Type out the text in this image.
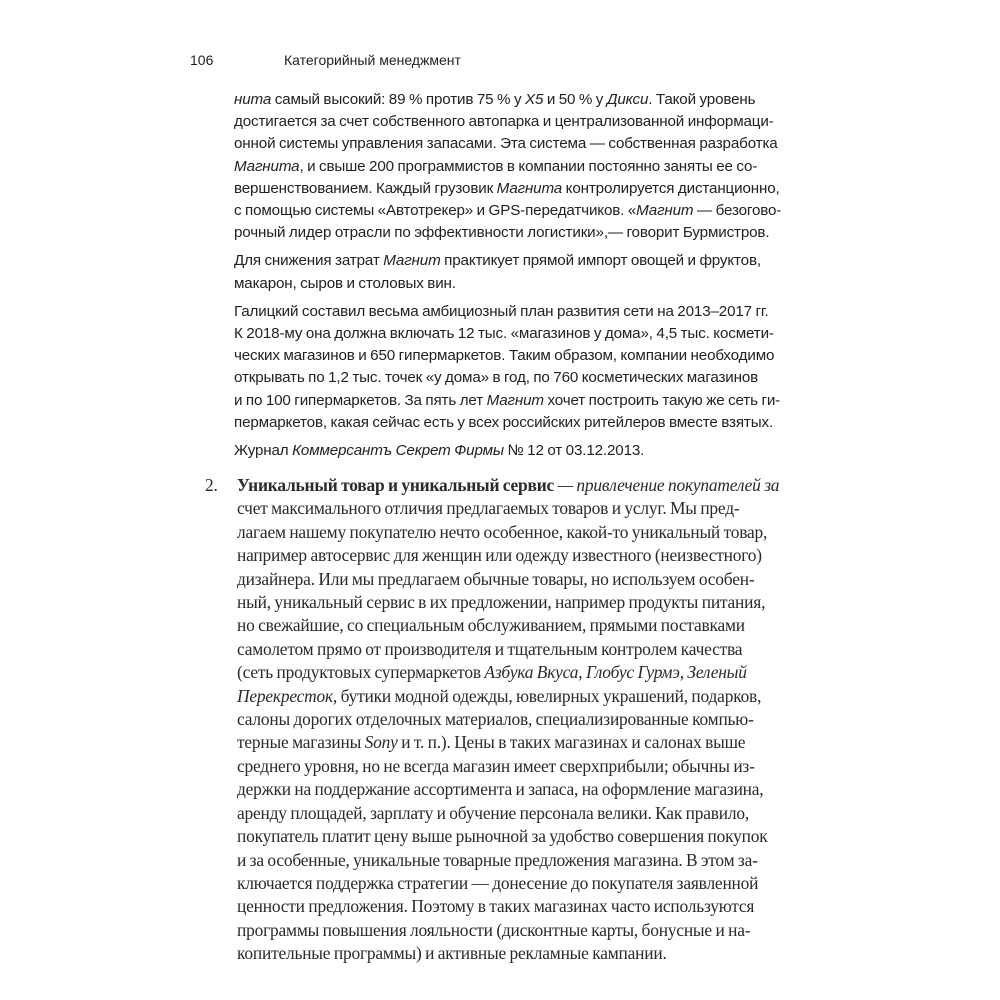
106	Категорийный менеджмент

нита самый высокий: 89 % против 75 % у X5 и 50 % у Дикси. Такой уровень
достигается за счет собственного автопарка и централизованной информаци-
онной системы управления запасами. Эта система — собственная разработка
Магнита, и свыше 200 программистов в компании постоянно заняты ее со-
вершенствованием. Каждый грузовик Магнита контролируется дистанционно,
с помощью системы «Автотрекер» и GPS-передатчиков. «Магнит — безогово-
рочный лидер отрасли по эффективности логистики»,— говорит Бурмистров.

Для снижения затрат Магнит практикует прямой импорт овощей и фруктов,
макарон, сыров и столовых вин.

Галицкий составил весьма амбициозный план развития сети на 2013–2017 гг.
К 2018-му она должна включать 12 тыс. «магазинов у дома», 4,5 тыс. космети-
ческих магазинов и 650 гипермаркетов. Таким образом, компании необходимо
открывать по 1,2 тыс. точек «у дома» в год, по 760 косметических магазинов
и по 100 гипермаркетов. За пять лет Магнит хочет построить такую же сеть ги-
пермаркетов, какая сейчас есть у всех российских ритейлеров вместе взятых.

Журнал Коммерсантъ Секрет Фирмы № 12 от 03.12.2013.

2.	Уникальный товар и уникальный сервис — привлечение покупателей за
счет максимального отличия предлагаемых товаров и услуг. Мы пред-
лагаем нашему покупателю нечто особенное, какой-то уникальный товар,
например автосервис для женщин или одежду известного (неизвестного)
дизайнера. Или мы предлагаем обычные товары, но используем особен-
ный, уникальный сервис в их предложении, например продукты питания,
но свежайшие, со специальным обслуживанием, прямыми поставками
самолетом прямо от производителя и тщательным контролем качества
(сеть продуктовых супермаркетов Азбука Вкуса, Глобус Гурмэ, Зеленый
Перекресток, бутики модной одежды, ювелирных украшений, подарков,
салоны дорогих отделочных материалов, специализированные компью-
терные магазины Sony и т. п.). Цены в таких магазинах и салонах выше
среднего уровня, но не всегда магазин имеет сверхприбыли; обычны из-
держки на поддержание ассортимента и запаса, на оформление магазина,
аренду площадей, зарплату и обучение персонала велики. Как правило,
покупатель платит цену выше рыночной за удобство совершения покупок
и за особенные, уникальные товарные предложения магазина. В этом за-
ключается поддержка стратегии — донесение до покупателя заявленной
ценности предложения. Поэтому в таких магазинах часто используются
программы повышения лояльности (дисконтные карты, бонусные и на-
копительные программы) и активные рекламные кампании.
